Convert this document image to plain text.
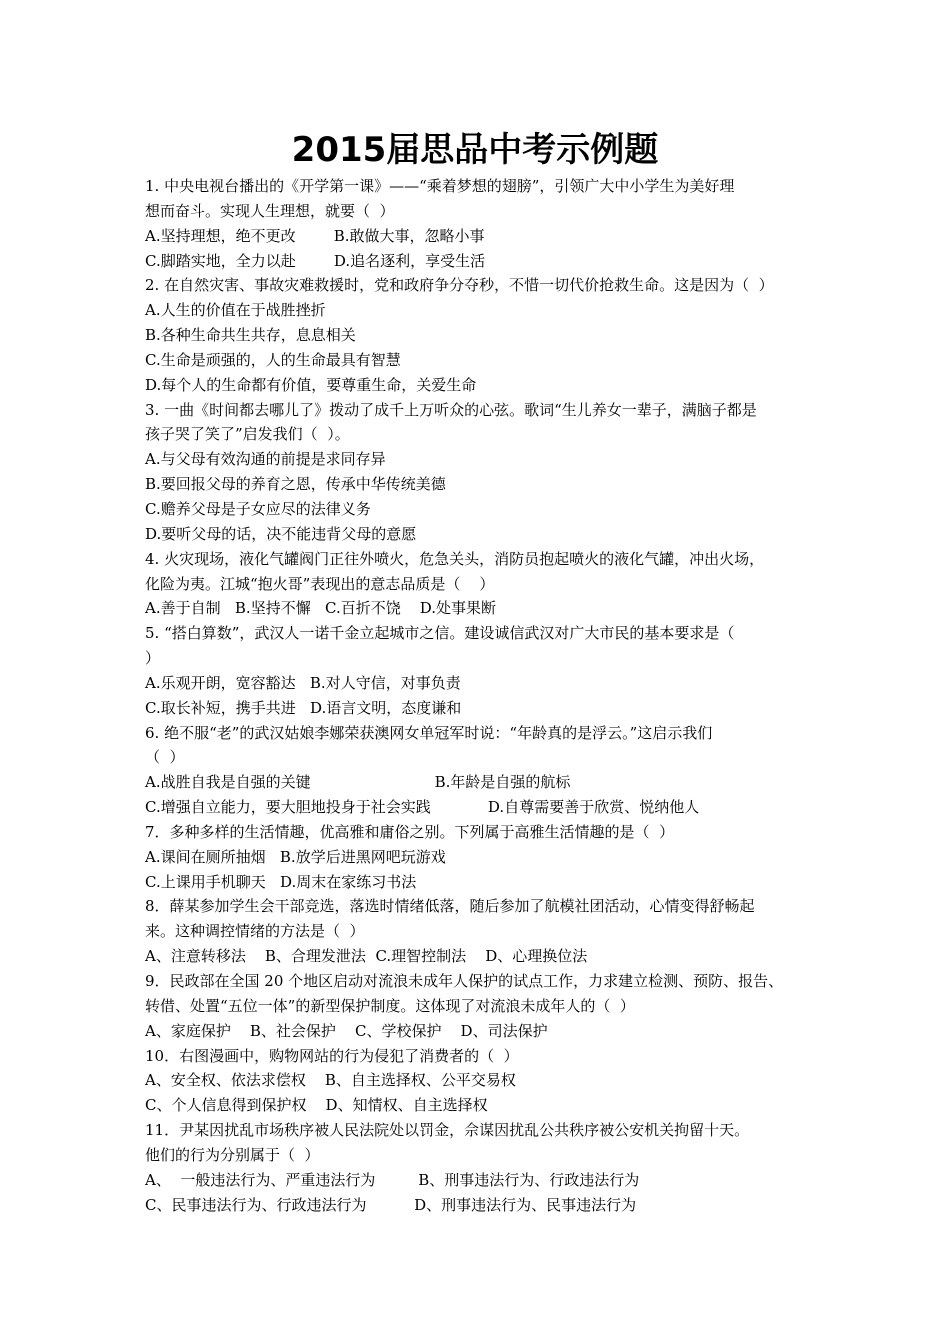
2015届思品中考示例题
1. 中央电视台播出的《开学第一课》——“乘着梦想的翅膀”，引领广大中小学生为美好理
想而奋斗。实现人生理想，就要（  ）
A.坚持理想，绝不更改        B.敢做大事，忽略小事
C.脚踏实地，全力以赴        D.追名逐利，享受生活
2. 在自然灾害、事故灾难救援时，党和政府争分夺秒，不惜一切代价抢救生命。这是因为（  ）
A.人生的价值在于战胜挫折
B.各种生命共生共存，息息相关
C.生命是顽强的，人的生命最具有智慧
D.每个人的生命都有价值，要尊重生命，关爱生命
3. 一曲《时间都去哪儿了》拨动了成千上万听众的心弦。歌词“生儿养女一辈子，满脑子都是
孩子哭了笑了”启发我们（  ）。
A.与父母有效沟通的前提是求同存异
B.要回报父母的养育之恩，传承中华传统美德
C.赡养父母是子女应尽的法律义务
D.要听父母的话，决不能违背父母的意愿
4. 火灾现场，液化气罐阀门正往外喷火，危急关头，消防员抱起喷火的液化气罐，冲出火场，
化险为夷。江城“抱火哥”表现出的意志品质是（    ）
A.善于自制   B.坚持不懈   C.百折不饶    D.处事果断
5. “搭白算数”，武汉人一诺千金立起城市之信。建设诚信武汉对广大市民的基本要求是（
）
A.乐观开朗，宽容豁达   B.对人守信，对事负责
C.取长补短，携手共进   D.语言文明，态度谦和
6. 绝不服“老”的武汉姑娘李娜荣获澳网女单冠军时说：“年龄真的是浮云。”这启示我们
（  ）
A.战胜自我是自强的关键                          B.年龄是自强的航标
C.增强自立能力，要大胆地投身于社会实践            D.自尊需要善于欣赏、悦纳他人
7．多种多样的生活情趣，优高雅和庸俗之别。下列属于高雅生活情趣的是（  ）
A.课间在厕所抽烟   B.放学后进黑网吧玩游戏
C.上课用手机聊天   D.周末在家练习书法
8．薛某参加学生会干部竞选，落选时情绪低落，随后参加了航模社团活动，心情变得舒畅起
来。这种调控情绪的方法是（  ）
A、注意转移法    B、合理发泄法  C.理智控制法    D、心理换位法
9．民政部在全国 20 个地区启动对流浪未成年人保护的试点工作，力求建立检测、预防、报告、
转借、处置“五位一体”的新型保护制度。这体现了对流浪未成年人的（  ）
A、家庭保护    B、社会保护    C、学校保护    D、司法保护
10．右图漫画中，购物网站的行为侵犯了消费者的（  ）
A、安全权、依法求偿权    B、自主选择权、公平交易权
C、个人信息得到保护权    D、知情权、自主选择权
11．尹某因扰乱市场秩序被人民法院处以罚金，佘谋因扰乱公共秩序被公安机关拘留十天。
他们的行为分别属于（  ）
A、  一般违法行为、严重违法行为         B、刑事违法行为、行政违法行为
C、民事违法行为、行政违法行为          D、刑事违法行为、民事违法行为
